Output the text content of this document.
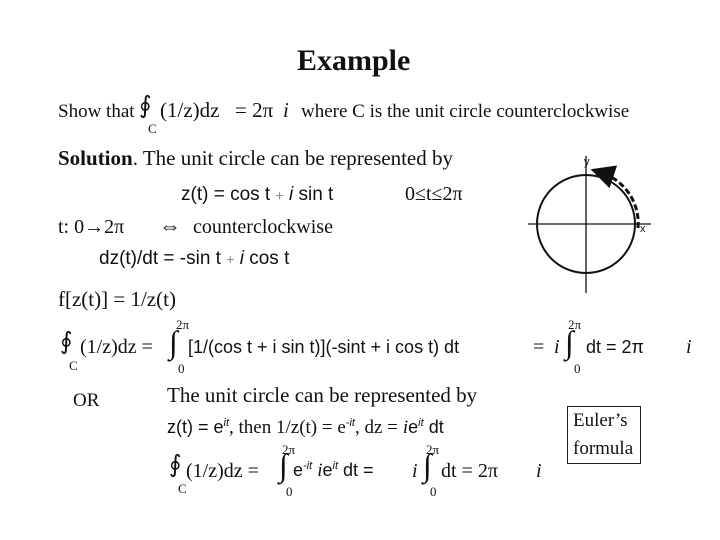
Example
Show that ∮
C
(1/z)dz = 2π i where C is the unit circle counterclockwise
Solution. The unit circle can be represented by
z(t) = cos t + i sin t	0≤t≤2π
t: 0→2π ⇔ counterclockwise
dz(t)/dt = -sin t + i cos t
f[z(t)] = 1/z(t)
∮
C
(1/z)dz = ∫
2π
0
[1/(cos t + i sin t)](-sint + i cos t) dt	= i ∫
2π
0
dt = 2π i
OR	The unit circle can be represented by
$z(t) = e^{it}$, then $1/z(t) = e^{-it}$, dz = $ie^{it}$ dt
∮
C
(1/z)dz = ∫
2π
0
$e^{-it}$ $ie^{it}$ dt = i ∫
2π
0
dt = 2π i
Euler’s
formula
y
x
